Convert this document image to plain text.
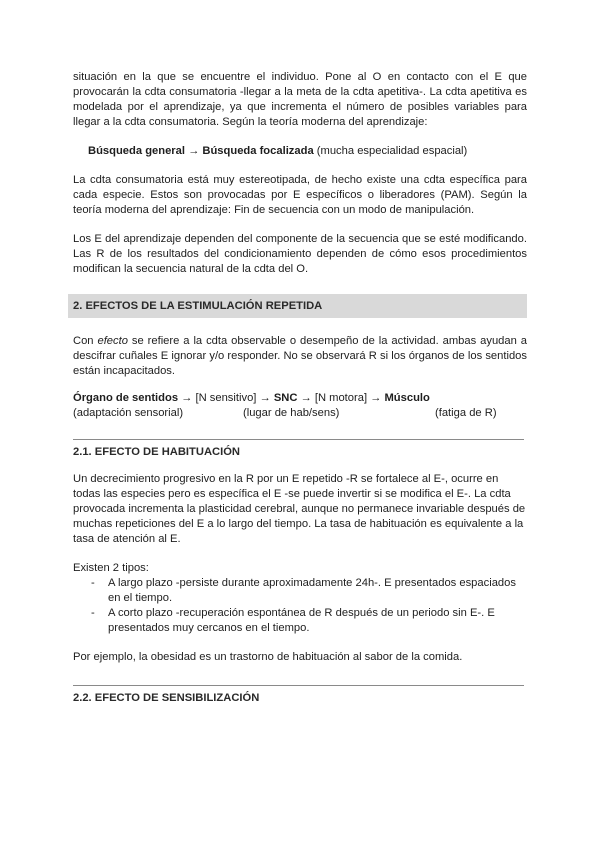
situación en la que se encuentre el individuo. Pone al O en contacto con el E que provocarán la cdta consumatoria -llegar a la meta de la cdta apetitiva-. La cdta apetitiva es modelada por el aprendizaje, ya que incrementa el número de posibles variables para llegar a la cdta consumatoria. Según la teoría moderna del aprendizaje:

Búsqueda general → Búsqueda focalizada (mucha especialidad espacial)

La cdta consumatoria está muy estereotipada, de hecho existe una cdta específica para cada especie. Estos son provocadas por E específicos o liberadores (PAM). Según la teoría moderna del aprendizaje: Fin de secuencia con un modo de manipulación.

Los E del aprendizaje dependen del componente de la secuencia que se esté modificando. Las R de los resultados del condicionamiento dependen de cómo esos procedimientos modifican la secuencia natural de la cdta del O.

2. EFECTOS DE LA ESTIMULACIÓN REPETIDA

Con efecto se refiere a la cdta observable o desempeño de la actividad. ambas ayudan a descifrar cuñales E ignorar y/o responder. No se observará R si los órganos de los sentidos están incapacitados.

Órgano de sentidos → [N sensitivo] → SNC → [N motora] → Músculo

(adaptación sensorial)	(lugar de hab/sens)	(fatiga de R)

2.1. EFECTO DE HABITUACIÓN

Un decrecimiento progresivo en la R por un E repetido -R se fortalece al E-, ocurre en todas las especies pero es específica el E -se puede invertir si se modifica el E-. La cdta provocada incrementa la plasticidad cerebral, aunque no permanece invariable después de muchas repeticiones del E a lo largo del tiempo. La tasa de habituación es equivalente a la tasa de atención al E.

Existen 2 tipos:

- A largo plazo -persiste durante aproximadamente 24h-. E presentados espaciados en el tiempo.
- A corto plazo -recuperación espontánea de R después de un periodo sin E-. E presentados muy cercanos en el tiempo.

Por ejemplo, la obesidad es un trastorno de habituación al sabor de la comida.

2.2. EFECTO DE SENSIBILIZACIÓN
